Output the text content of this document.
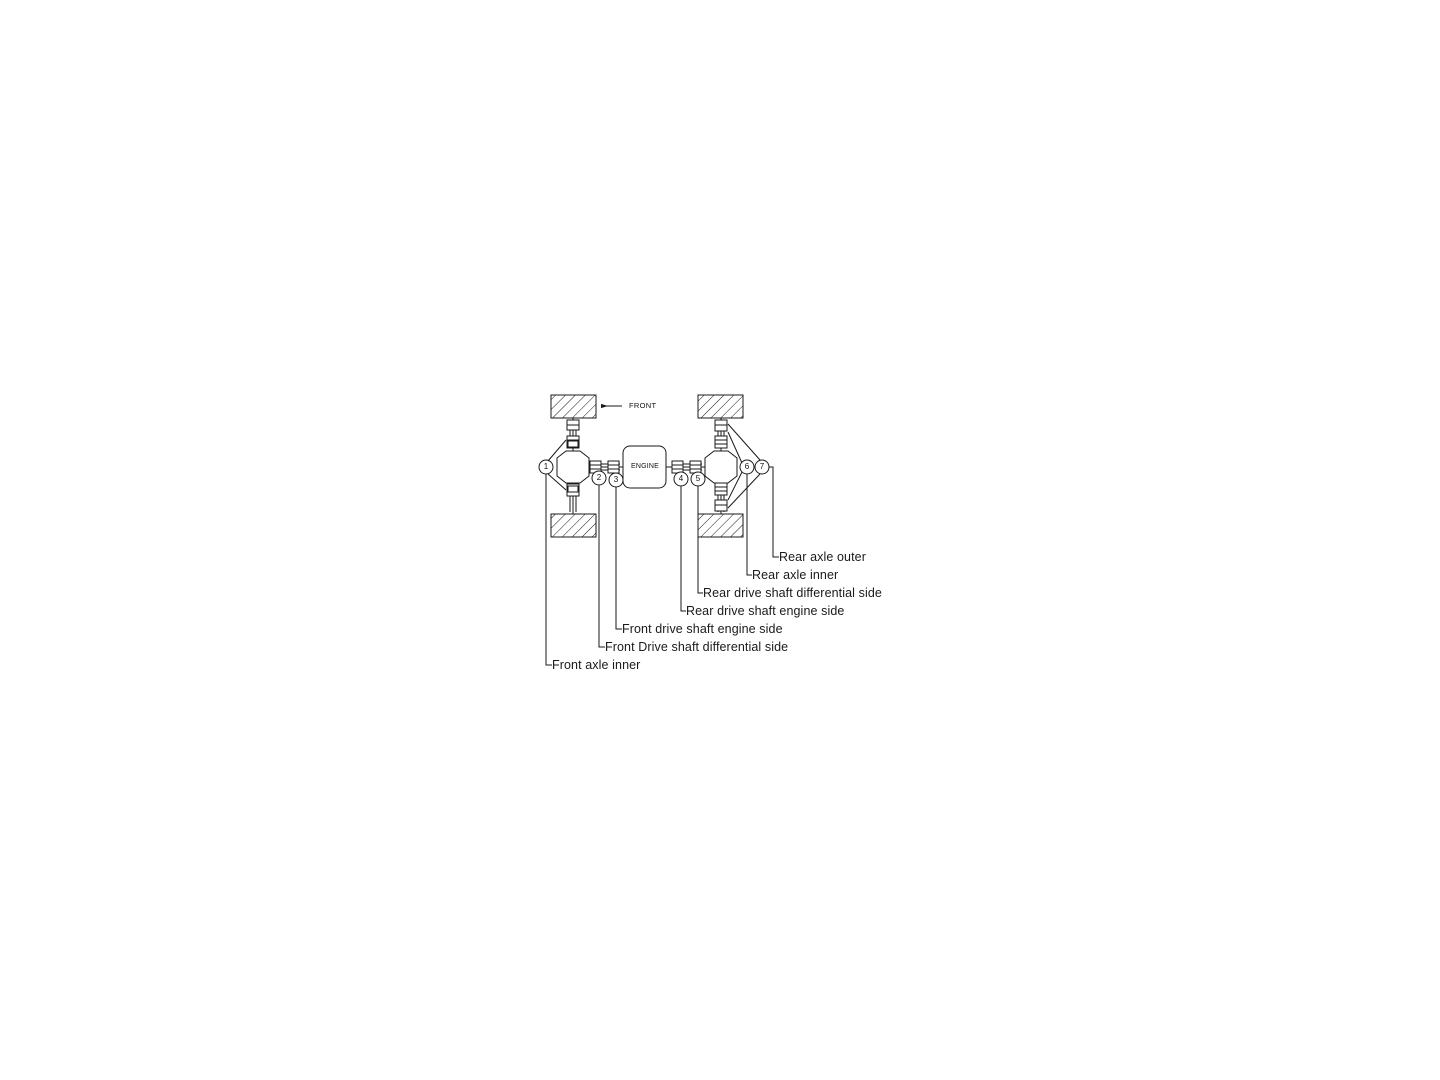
FRONT
ENGINE
1
2	3	4	5
6	7
Rear axle outer
Rear axle inner
Rear drive shaft differential side
Rear drive shaft engine side
Front drive shaft engine side
Front Drive shaft differential side
Front axle inner
